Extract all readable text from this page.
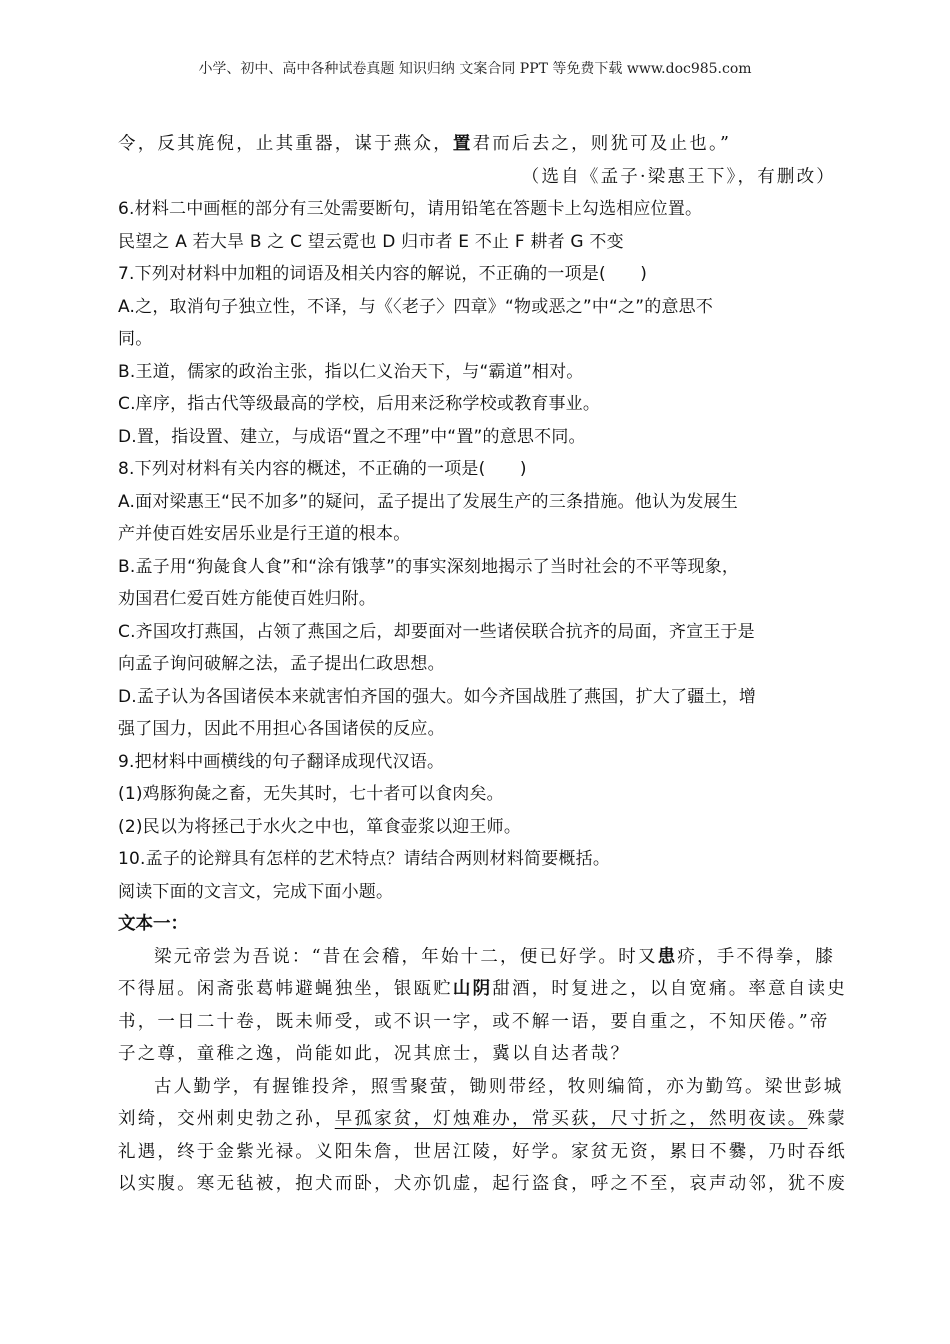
小学、初中、高中各种试卷真题 知识归纳 文案合同 PPT 等免费下载 www.doc985.com
令，反其旄倪，止其重器，谋于燕众，置君而后去之，则犹可及止也。”
（选自《孟子·梁惠王下》，有删改）
6.材料二中画框的部分有三处需要断句，请用铅笔在答题卡上勾选相应位置。
民望之 A 若大旱 B 之 C 望云霓也 D 归市者 E 不止 F 耕者 G 不变
7.下列对材料中加粗的词语及相关内容的解说，不正确的一项是(　　)
A.之，取消句子独立性，不译，与《〈老子〉四章》“物或恶之”中“之”的意思不
同。
B.王道，儒家的政治主张，指以仁义治天下，与“霸道”相对。
C.庠序，指古代等级最高的学校，后用来泛称学校或教育事业。
D.置，指设置、建立，与成语“置之不理”中“置”的意思不同。
8.下列对材料有关内容的概述，不正确的一项是(　　)
A.面对梁惠王“民不加多”的疑问，孟子提出了发展生产的三条措施。他认为发展生
产并使百姓安居乐业是行王道的根本。
B.孟子用“狗彘食人食”和“涂有饿莩”的事实深刻地揭示了当时社会的不平等现象，
劝国君仁爱百姓方能使百姓归附。
C.齐国攻打燕国，占领了燕国之后，却要面对一些诸侯联合抗齐的局面，齐宣王于是
向孟子询问破解之法，孟子提出仁政思想。
D.孟子认为各国诸侯本来就害怕齐国的强大。如今齐国战胜了燕国，扩大了疆土，增
强了国力，因此不用担心各国诸侯的反应。
9.把材料中画横线的句子翻译成现代汉语。
(1)鸡豚狗彘之畜，无失其时，七十者可以食肉矣。
(2)民以为将拯己于水火之中也，箪食壶浆以迎王师。
10.孟子的论辩具有怎样的艺术特点？请结合两则材料简要概括。
阅读下面的文言文，完成下面小题。
文本一：
梁元帝尝为吾说：“昔在会稽，年始十二，便已好学。时又患疥，手不得拳，膝
不得屈。闲斋张葛帏避蝇独坐，银瓯贮山阴甜酒，时复进之，以自宽痛。率意自读史
书，一日二十卷，既未师受，或不识一字，或不解一语，要自重之，不知厌倦。”帝
子之尊，童稚之逸，尚能如此，况其庶士，冀以自达者哉？
古人勤学，有握锥投斧，照雪聚萤，锄则带经，牧则编简，亦为勤笃。梁世彭城
刘绮，交州刺史勃之孙，早孤家贫，灯烛难办，常买荻，尺寸折之，然明夜读。殊蒙
礼遇，终于金紫光禄。义阳朱詹，世居江陵，好学。家贫无资，累日不爨，乃时吞纸
以实腹。寒无毡被，抱犬而卧，犬亦饥虚，起行盗食，呼之不至，哀声动邻，犹不废
